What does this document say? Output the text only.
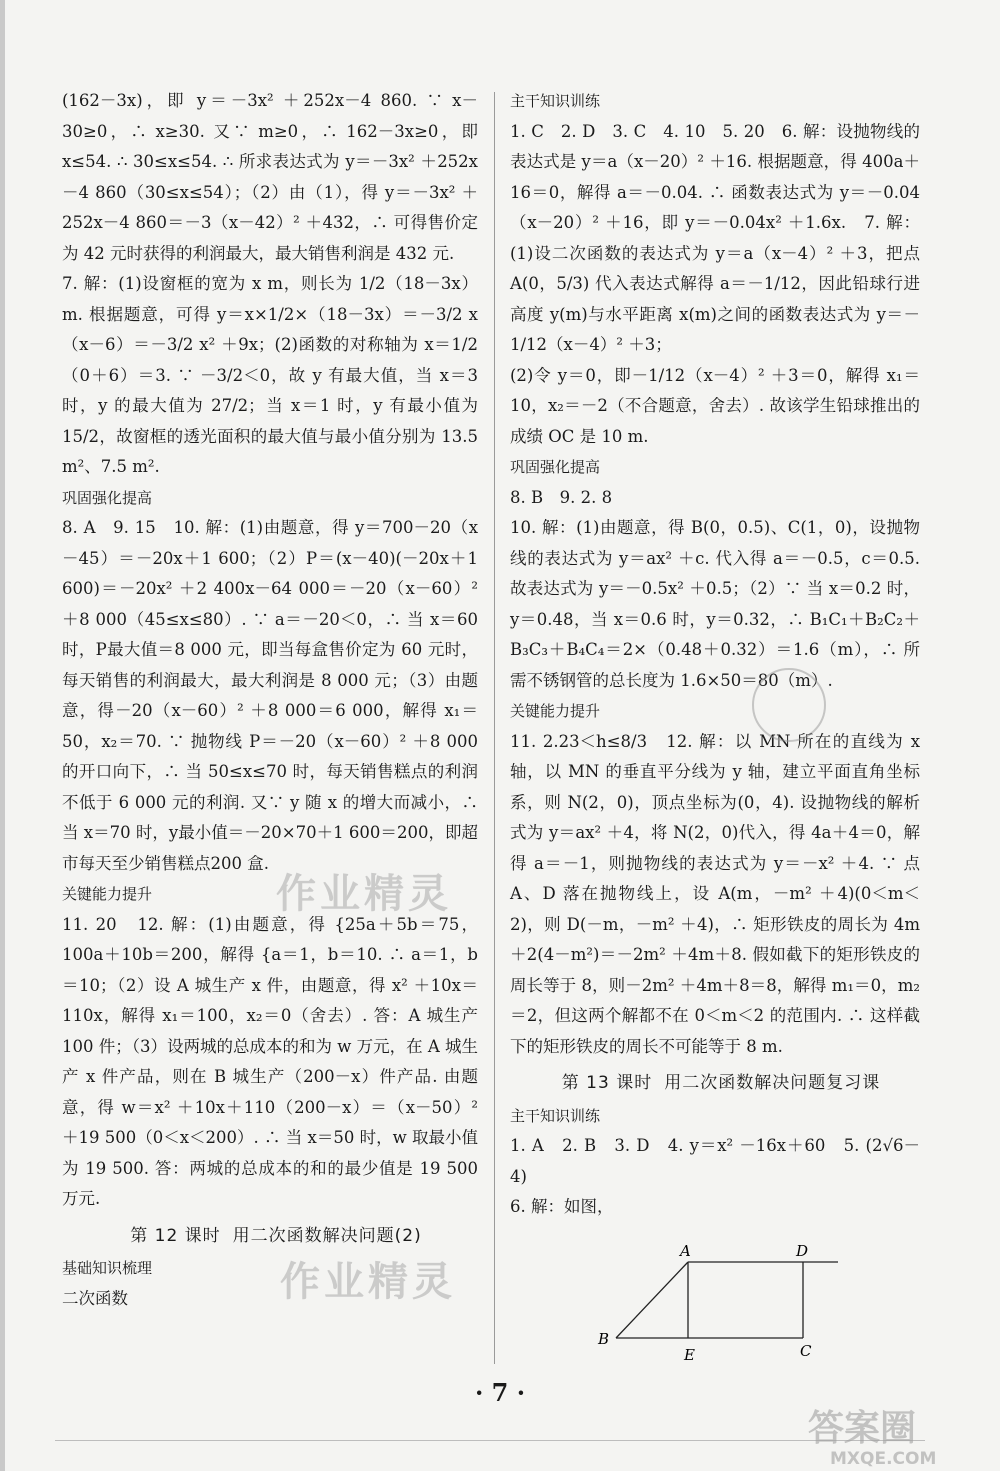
(162－3x)，即 y＝－3x² ＋252x－4 860. ∵ x－30≥0，∴ x≥30. 又∵ m≥0，∴ 162－3x≥0，即 x≤54. ∴ 30≤x≤54. ∴ 所求表达式为 y＝－3x² ＋252x－4 860（30≤x≤54）；（2）由（1），得 y＝－3x² ＋252x－4 860＝－3（x－42）² ＋432，∴ 可得售价定为 42 元时获得的利润最大，最大销售利润是 432 元.

7. 解：(1)设窗框的宽为 x m，则长为 1/2（18－3x）m. 根据题意，可得 y＝x×1/2×（18－3x）＝－3/2 x（x－6）＝－3/2 x² ＋9x；(2)函数的对称轴为 x＝1/2（0＋6）＝3. ∵ －3/2＜0，故 y 有最大值，当 x＝3 时，y 的最大值为 27/2；当 x＝1 时，y 有最小值为 15/2，故窗框的透光面积的最大值与最小值分别为 13.5 m²、7.5 m².

巩固强化提高

8. A　9. 15　10. 解：(1)由题意，得 y＝700－20（x－45）＝－20x＋1 600；（2）P＝(x－40)(－20x＋1 600)＝－20x² ＋2 400x－64 000＝－20（x－60）² ＋8 000（45≤x≤80）. ∵ a＝－20＜0，∴ 当 x＝60 时，P最大值＝8 000 元，即当每盒售价定为 60 元时，每天销售的利润最大，最大利润是 8 000 元；（3）由题意，得－20（x－60）² ＋8 000＝6 000，解得 x₁＝50，x₂＝70. ∵ 抛物线 P＝－20（x－60）² ＋8 000 的开口向下，∴ 当 50≤x≤70 时，每天销售糕点的利润不低于 6 000 元的利润. 又∵ y 随 x 的增大而减小，∴ 当 x＝70 时，y最小值＝－20×70＋1 600＝200，即超市每天至少销售糕点200 盒.

关键能力提升

11. 20　12. 解：(1)由题意，得 {25a＋5b＝75，100a＋10b＝200，解得 {a＝1，b＝10. ∴ a＝1，b＝10；（2）设 A 城生产 x 件，由题意，得 x² ＋10x＝110x，解得 x₁＝100，x₂＝0（舍去）. 答：A 城生产 100 件；（3）设两城的总成本的和为 w 万元，在 A 城生产 x 件产品，则在 B 城生产（200－x）件产品. 由题意，得 w＝x² ＋10x＋110（200－x）＝（x－50）² ＋19 500（0＜x＜200）. ∴ 当 x＝50 时，w 取最小值为 19 500. 答：两城的总成本的和的最少值是 19 500万元.

第 12 课时 用二次函数解决问题(2)

基础知识梳理

二次函数

主干知识训练

1. C　2. D　3. C　4. 10　5. 20　6. 解：设抛物线的表达式是 y＝a（x－20）² ＋16. 根据题意，得 400a＋16＝0，解得 a＝－0.04. ∴ 函数表达式为 y＝－0.04（x－20）² ＋16，即 y＝－0.04x² ＋1.6x.　7. 解：(1)设二次函数的表达式为 y＝a（x－4）² ＋3，把点 A(0，5/3) 代入表达式解得 a＝－1/12，因此铅球行进高度 y(m)与水平距离 x(m)之间的函数表达式为 y＝－1/12（x－4）² ＋3；

(2)令 y＝0，即－1/12（x－4）² ＋3＝0，解得 x₁＝10，x₂＝－2（不合题意，舍去）. 故该学生铅球推出的成绩 OC 是 10 m.

巩固强化提高

8. B　9. 2. 8

10. 解：(1)由题意，得 B(0，0.5)、C(1，0)，设抛物线的表达式为 y＝ax² ＋c. 代入得 a＝－0.5，c＝0.5. 故表达式为 y＝－0.5x² ＋0.5；（2）∵ 当 x＝0.2 时，y＝0.48，当 x＝0.6 时，y＝0.32，∴ B₁C₁＋B₂C₂＋B₃C₃＋B₄C₄＝2×（0.48＋0.32）＝1.6（m），∴ 所需不锈钢管的总长度为 1.6×50＝80（m）.

关键能力提升

11. 2.23＜h≤8/3　12. 解：以 MN 所在的直线为 x 轴，以 MN 的垂直平分线为 y 轴，建立平面直角坐标系，则 N(2，0)，顶点坐标为(0，4). 设抛物线的解析式为 y＝ax² ＋4，将 N(2，0)代入，得 4a＋4＝0，解得 a＝－1，则抛物线的表达式为 y＝－x² ＋4. ∵ 点 A、D 落在抛物线上，设 A(m，－m² ＋4)(0＜m＜2)，则 D(－m，－m² ＋4)，∴ 矩形铁皮的周长为 4m＋2(4－m²)＝－2m² ＋4m＋8. 假如截下的矩形铁皮的周长等于 8，则－2m² ＋4m＋8＝8，解得 m₁＝0，m₂＝2，但这两个解都不在 0＜m＜2 的范围内. ∴ 这样截下的矩形铁皮的周长不可能等于 8 m.

第 13 课时 用二次函数解决问题复习课

主干知识训练

1. A　2. B　3. D　4. y＝x² －16x＋60　5. (2√6－4)

6. 解：如图，

A	D
B
C
E
作业精灵
作业精灵
· 7 ·
答案圈
MXQE.COM
